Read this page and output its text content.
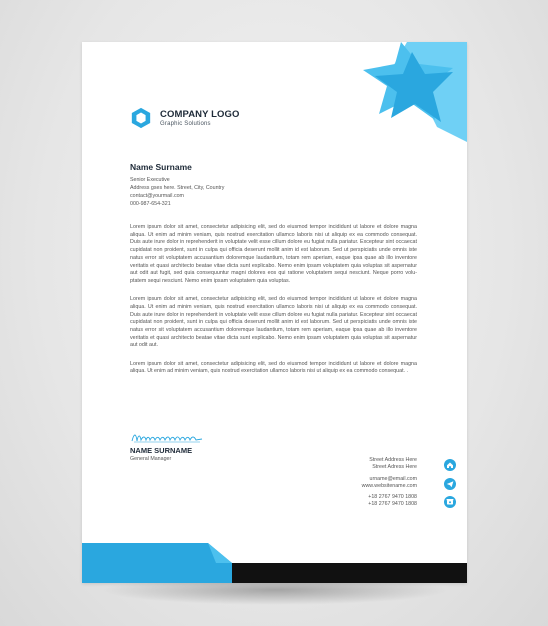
COMPANY LOGO
Graphic Solutions
Name Surname
Senior Executive
Address gses here. Street, City, Country
contact@yourmail.com
000-987-654-321

Lorem ipsum dolor sit amet, consectetur adipisicing elit, sed do eiusmod tempor incididunt ut labore et dolore magna aliqua. Ut enim ad minim veniam, quis nostrud exercitation ullamco laboris nisi ut aliquip ex ea commodo consequat. Duis aute irure dolor in reprehenderit in voluptate velit esse cillum dolore eu fugiat nulla pariatur. Excepteur sint occaecat cupidatat non proident, sunt in culpa qui officia deserunt mollit anim id est laborum. Sed ut perspiciatis unde omnis iste natus error sit voluptatem accusantium doloremque laudantium, totam rem aperiam, eaque ipsa quae ab illo inventore veritatis et quasi architecto beatae vitae dicta sunt explicabo. Nemo enim ipsam voluptatem quia voluptas sit aspernatur aut odit aut fugit, sed quia consequuntur magni dolores eos qui ratione voluptatem sequi nesciunt. Neque porro volu-ptatem sequi nesciunt. Nemo enim ipsam voluptatem quia voluptas.

Lorem ipsum dolor sit amet, consectetur adipisicing elit, sed do eiusmod tempor incididunt ut labore et dolore magna aliqua. Ut enim ad minim veniam, quis nostrud exercitation ullamco laboris nisi ut aliquip ex ea commodo consequat. Duis aute irure dolor in reprehenderit in voluptate velit esse cillum dolore eu fugiat nulla pariatur. Excepteur sint occaecat cupidatat non proident, sunt in culpa qui officia deserunt mollit anim id est laborum. Sed ut perspiciatis unde omnis iste natus error sit voluptatem accusantium doloremque laudantium, totam rem aperiam, eaque ipsa quae ab illo inventore veritatis et quasi architecto beatae vitae dicta sunt explicabo. Nemo enim ipsam voluptatem quia voluptas sit aspernatur aut odit aut.

Lorem ipsum dolor sit amet, consectetur adipisicing elit, sed do eiusmod tempor incididunt ut labore et dolore magna aliqua. Ut enim ad minim veniam, quis nostrud exercitation ullamco laboris nisi ut aliquip ex ea commodo consequat. .

NAME SURNAME
General Manager	Street Address Here
Street Adress Here
urname@email.com
www.websitename.com
+18 2767 9470 1808
+18 2767 9470 1808
